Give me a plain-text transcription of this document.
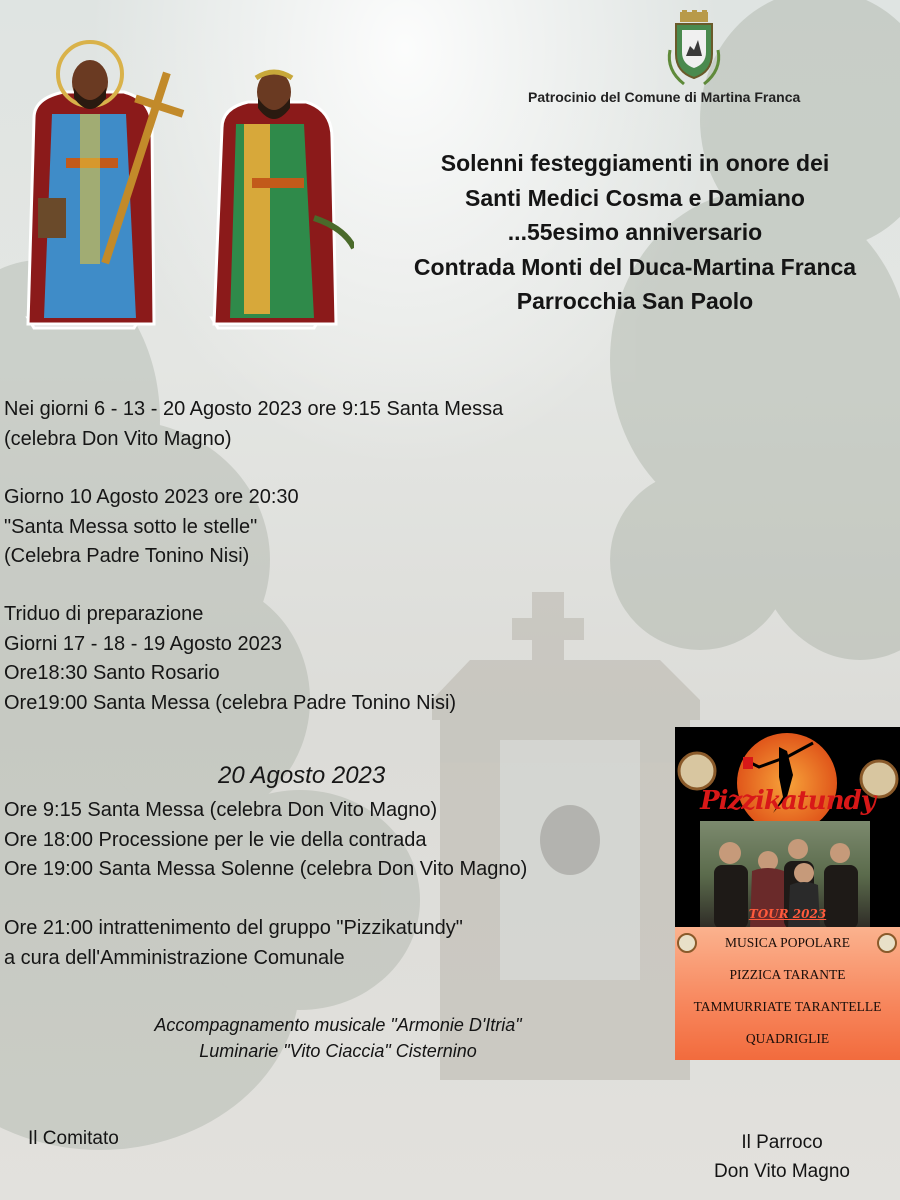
Patrocinio del Comune di Martina Franca
Solenni festeggiamenti in onore dei
Santi Medici Cosma e Damiano
...55esimo anniversario
Contrada Monti del Duca-Martina Franca
Parrocchia San Paolo
Nei giorni 6 - 13 - 20 Agosto 2023 ore 9:15 Santa Messa
(celebra Don Vito Magno)
Giorno 10 Agosto 2023 ore 20:30
"Santa Messa sotto le stelle"
(Celebra Padre Tonino Nisi)
Triduo di preparazione
Giorni 17 - 18 - 19 Agosto 2023
Ore18:30 Santo Rosario
Ore19:00 Santa Messa (celebra Padre Tonino Nisi)
20 Agosto 2023
Ore 9:15 Santa Messa (celebra Don Vito Magno)
Ore 18:00 Processione per le vie della contrada
Ore 19:00 Santa Messa Solenne (celebra Don Vito Magno)
Ore 21:00 intrattenimento del gruppo "Pizzikatundy"
a cura dell'Amministrazione Comunale
Accompagnamento musicale "Armonie D'Itria"
Luminarie "Vito Ciaccia" Cisternino
Il Comitato	Il Parroco
Don Vito Magno
Pizzikatundy
TOUR 2023
MUSICA POPOLARE
PIZZICA TARANTE
TAMMURRIATE TARANTELLE
QUADRIGLIE
